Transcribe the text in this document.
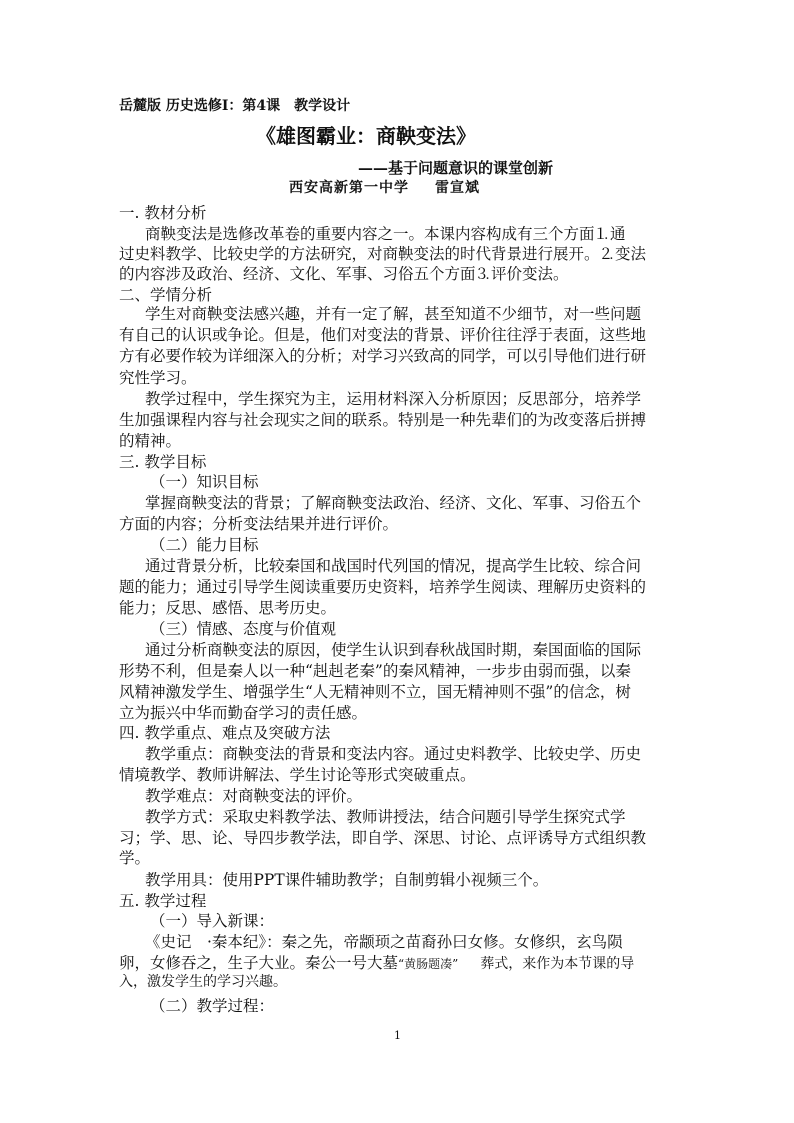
岳麓版 历史选修Ⅰ：第4课　教学设计
《雄图霸业：商鞅变法》
——基于问题意识的课堂创新
西安高新第一中学 雷宣斌
一. 教材分析
商鞅变法是选修改革卷的重要内容之一。本课内容构成有三个方面⒈通
过史料教学、比较史学的方法研究，对商鞅变法的时代背景进行展开。⒉变法
的内容涉及政治、经济、文化、军事、习俗五个方面⒊评价变法。
二、学情分析
学生对商鞅变法感兴趣，并有一定了解，甚至知道不少细节，对一些问题
有自己的认识或争论。但是，他们对变法的背景、评价往往浮于表面，这些地
方有必要作较为详细深入的分析；对学习兴致高的同学，可以引导他们进行研
究性学习。
教学过程中，学生探究为主，运用材料深入分析原因；反思部分，培养学
生加强课程内容与社会现实之间的联系。特别是一种先辈们的为改变落后拼搏
的精神。
三. 教学目标
（一）知识目标
掌握商鞅变法的背景；了解商鞅变法政治、经济、文化、军事、习俗五个
方面的内容；分析变法结果并进行评价。
（二）能力目标
通过背景分析，比较秦国和战国时代列国的情况，提高学生比较、综合问
题的能力；通过引导学生阅读重要历史资料，培养学生阅读、理解历史资料的
能力；反思、感悟、思考历史。
（三）情感、态度与价值观
通过分析商鞅变法的原因，使学生认识到春秋战国时期，秦国面临的国际
形势不利，但是秦人以一种“赳赳老秦”的秦风精神，一步步由弱而强，以秦
风精神激发学生、增强学生“人无精神则不立，国无精神则不强”的信念，树
立为振兴中华而勤奋学习的责任感。
四. 教学重点、难点及突破方法
教学重点：商鞅变法的背景和变法内容。通过史料教学、比较史学、历史
情境教学、教师讲解法、学生讨论等形式突破重点。
教学难点：对商鞅变法的评价。
教学方式：采取史料教学法、教师讲授法，结合问题引导学生探究式学
习；学、思、论、导四步教学法，即自学、深思、讨论、点评诱导方式组织教
学。
教学用具：使用PPT课件辅助教学；自制剪辑小视频三个。
五. 教学过程
（一）导入新课：
《史记　·秦本纪》：秦之先，帝颛顼之苗裔孙曰女修。女修织，玄鸟陨
卵，女修吞之，生子大业。秦公一号大墓“黄肠题凑” 葬式，来作为本节课的导
入，激发学生的学习兴趣。
（二）教学过程：
1
